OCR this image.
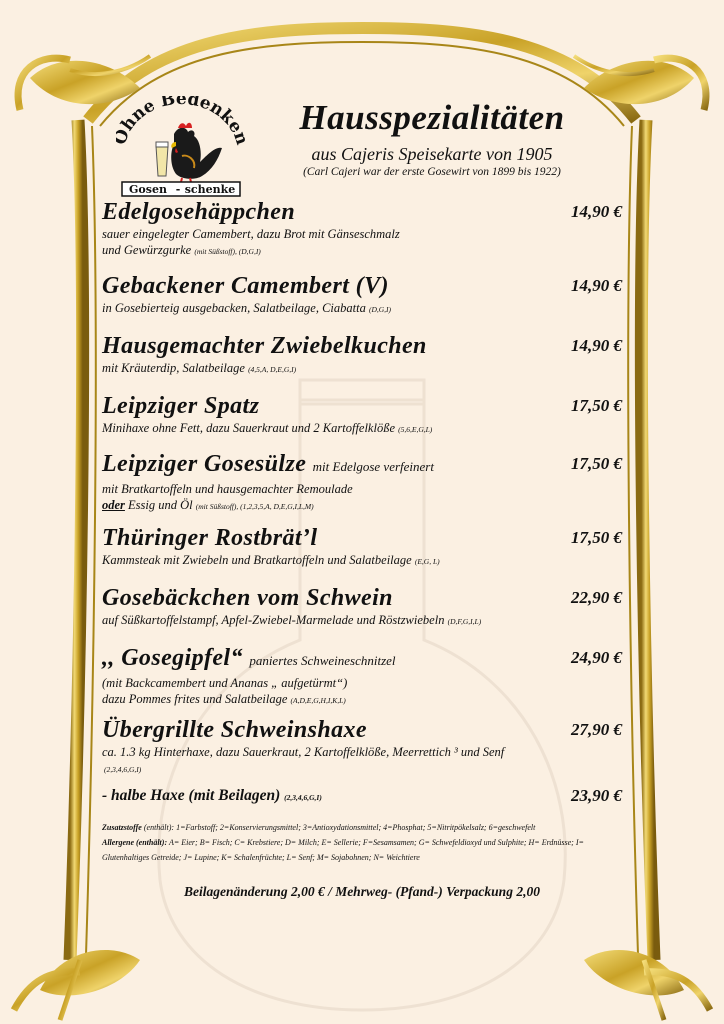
hne Bedenke
Gosen - schenke
Hausspezialitäten
aus Cajeris Speisekarte von 1905
(Carl Cajeri war der erste Gosewirt von 1899 bis 1922)
Edelgosehäppchen	14,90 €
sauer eingelegter Camembert, dazu Brot mit Gänseschmalz
und Gewürzgurke (mit Süßstoff), (D,G,I)
Gebackener Camembert (V)	14,90 €
in Gosebierteig ausgebacken, Salatbeilage, Ciabatta (D,G,I)
Hausgemachter Zwiebelkuchen	14,90 €
mit Kräuterdip, Salatbeilage (4,5,A, D,E,G,I)
Leipziger Spatz	17,50 €
Minihaxe ohne Fett, dazu Sauerkraut und 2 Kartoffelklöße (5,6,E,G,L)
Leipziger Gosesülze mit Edelgose verfeinert	17,50 €
mit Bratkartoffeln und hausgemachter Remoulade
oder Essig und Öl (mit Süßstoff), (1,2,3,5,A, D,E,G,I,L,M)
Thüringer Rostbrät’l	17,50 €
Kammsteak mit Zwiebeln und Bratkartoffeln und Salatbeilage (E,G, L)
Gosebäckchen vom Schwein	22,90 €
auf Süßkartoffelstampf, Apfel-Zwiebel-Marmelade und Röstzwiebeln (D,F,G,I,L)
,, Gosegipfel“ paniertes Schweineschnitzel	24,90 €
(mit Backcamembert und Ananas „ aufgetürmt“)
dazu Pommes frites und Salatbeilage (A,D,E,G,H,I,K,L)
Übergrillte Schweinshaxe	27,90 €
ca. 1.3 kg Hinterhaxe, dazu Sauerkraut, 2 Kartoffelklöße, Meerrettich ³ und Senf
(2,3,4,6,G,I)
- halbe Haxe (mit Beilagen) (2,3,4,6,G,I)	23,90 €
Zusatzstoffe (enthält): 1=Farbstoff; 2=Konservierungsmittel; 3=Antioxydationsmittel; 4=Phosphat; 5=Nitritpökelsalz; 6=geschwefelt
Allergene (enthält): A= Eier; B= Fisch; C= Krebstiere; D= Milch; E= Sellerie; F=Sesamsamen; G= Schwefeldioxyd und Sulphite; H= Erdnüsse; I=
Glutenhaltiges Getreide; J= Lupine; K= Schalenfrüchte; L= Senf; M= Sojabohnen; N= Weichtiere
Beilagenänderung 2,00 € / Mehrweg- (Pfand-) Verpackung 2,00
